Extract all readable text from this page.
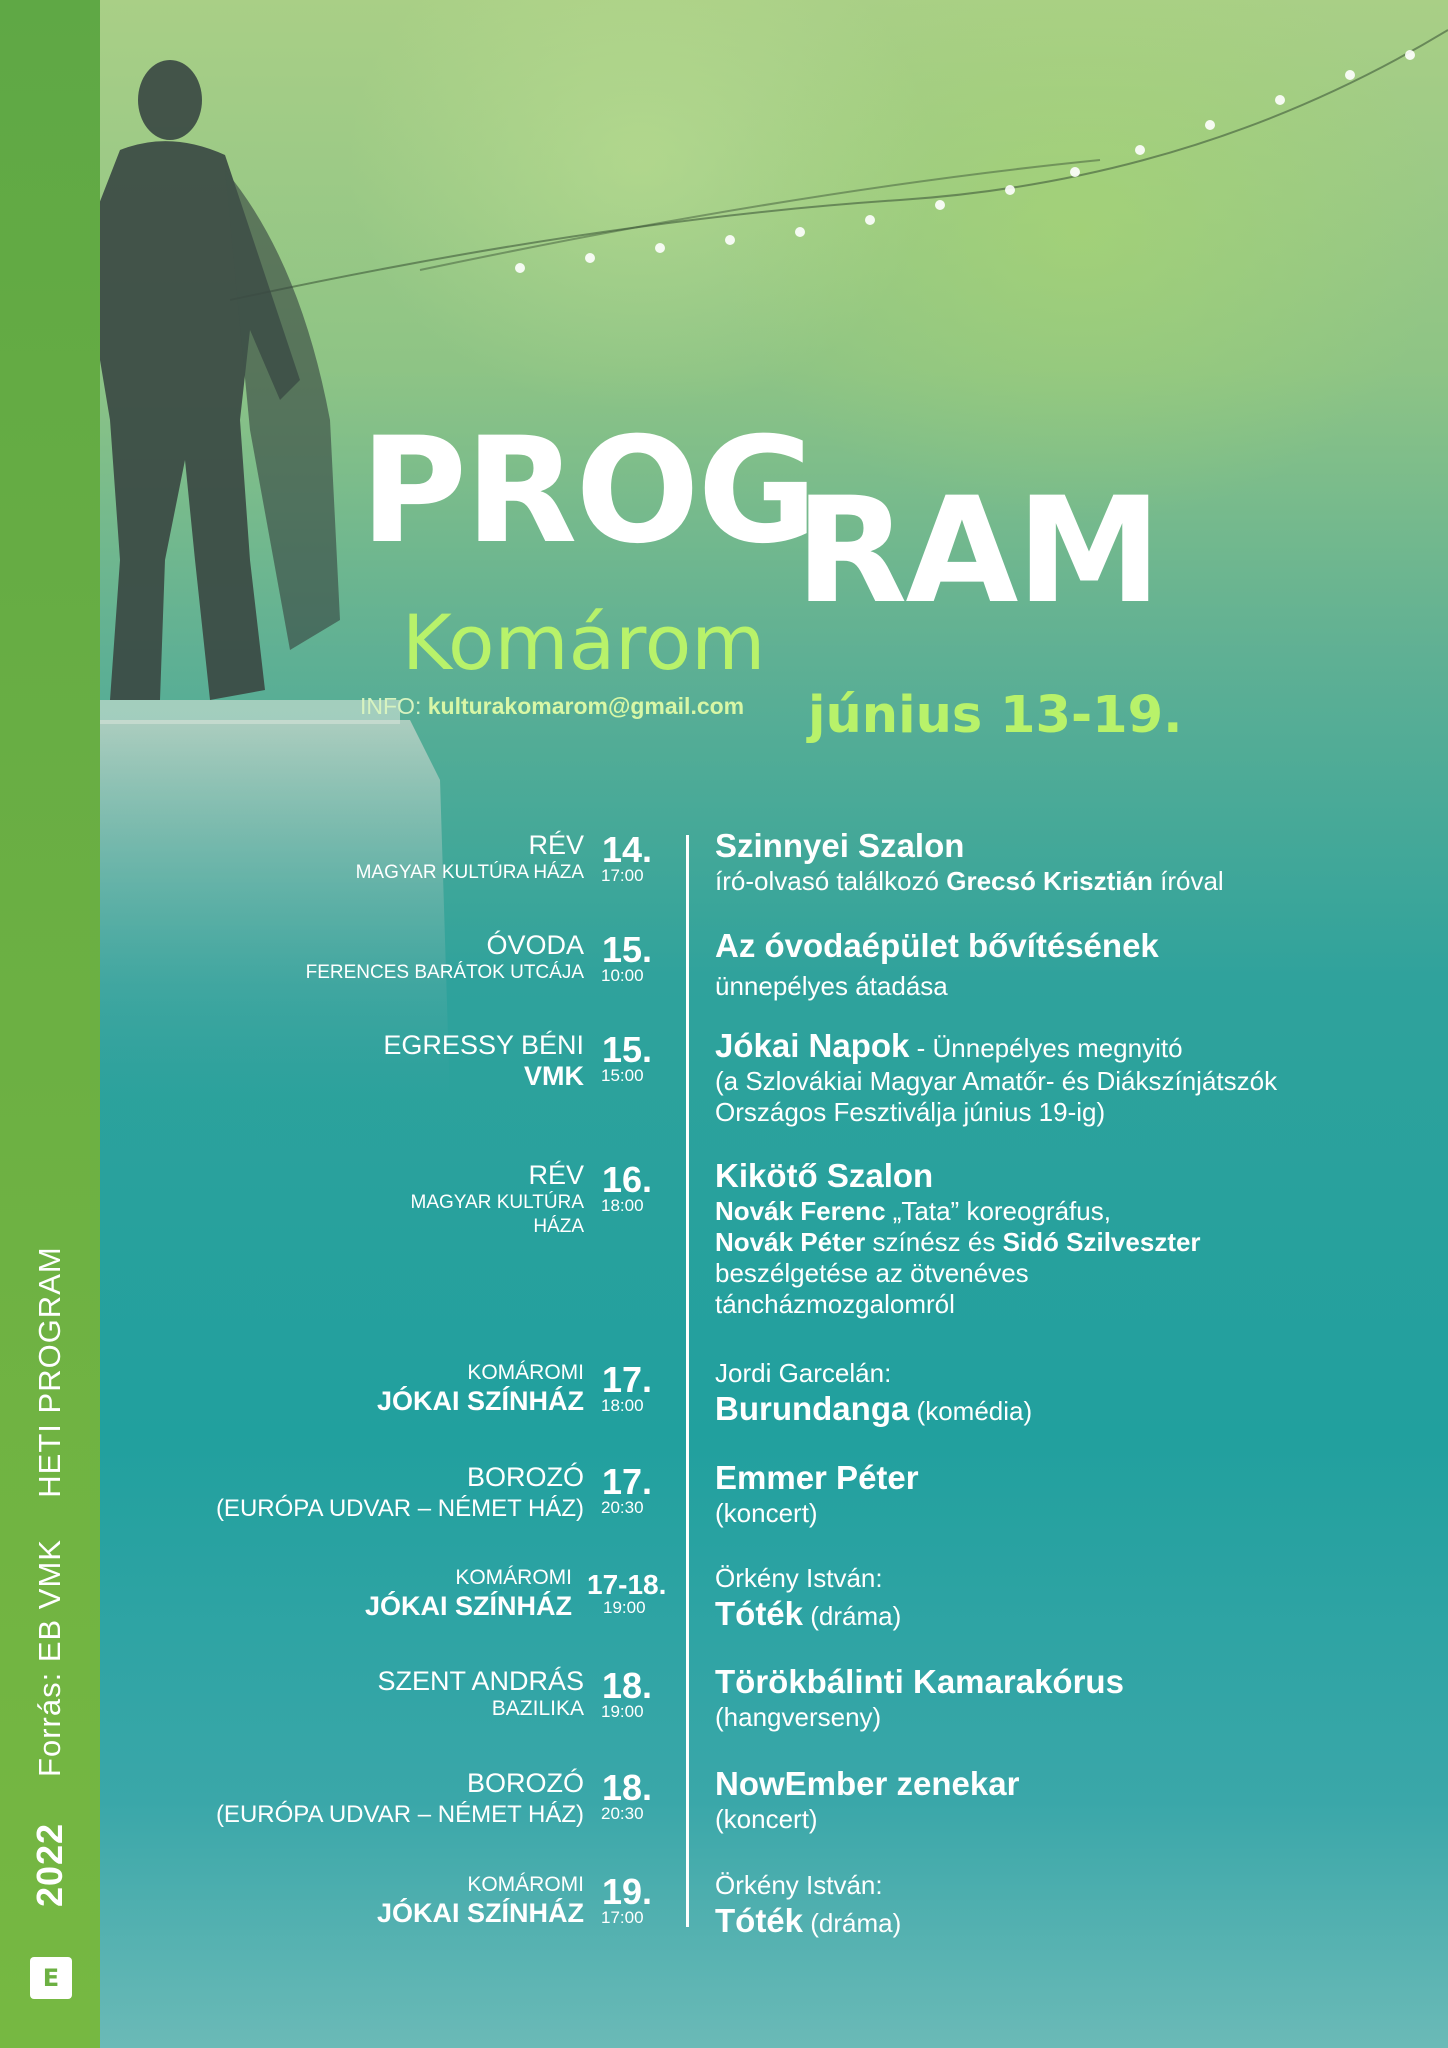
HETI PROGRAM
Forrás: EB VMK
2022
E
PROG
RAM
Komárom
INFO: kulturakomarom@gmail.com június 13-19.
RÉV
MAGYAR KULTÚRA HÁZA
14.
17:00
Szinnyei Szalon
író-olvasó találkozó Grecsó Krisztián íróval
ÓVODA
FERENCES BARÁTOK UTCÁJA
15.
10:00
Az óvodaépület bővítésének
ünnepélyes átadása
EGRESSY BÉNI
VMK
15.
15:00
Jókai Napok - Ünnepélyes megnyitó
(a Szlovákiai Magyar Amatőr- és Diákszínjátszók
Országos Fesztiválja június 19-ig)
RÉV
MAGYAR KULTÚRA
HÁZA
16.
18:00
Kikötő Szalon
Novák Ferenc „Tata” koreográfus,
Novák Péter színész és Sidó Szilveszter
beszélgetése az ötvenéves
táncházmozgalomról
KOMÁROMI
JÓKAI SZÍNHÁZ
17.
18:00
Jordi Garcelán:
Burundanga (komédia)
BOROZÓ
(EURÓPA UDVAR – NÉMET HÁZ)
17.
20:30
Emmer Péter
(koncert)
KOMÁROMI
JÓKAI SZÍNHÁZ
17-18.
19:00
Örkény István:
Tóték (dráma)
SZENT ANDRÁS
BAZILIKA
18.
19:00
Törökbálinti Kamarakórus
(hangverseny)
BOROZÓ
(EURÓPA UDVAR – NÉMET HÁZ)
18.
20:30
NowEmber zenekar
(koncert)
KOMÁROMI
JÓKAI SZÍNHÁZ
19.
17:00
Örkény István:
Tóték (dráma)
